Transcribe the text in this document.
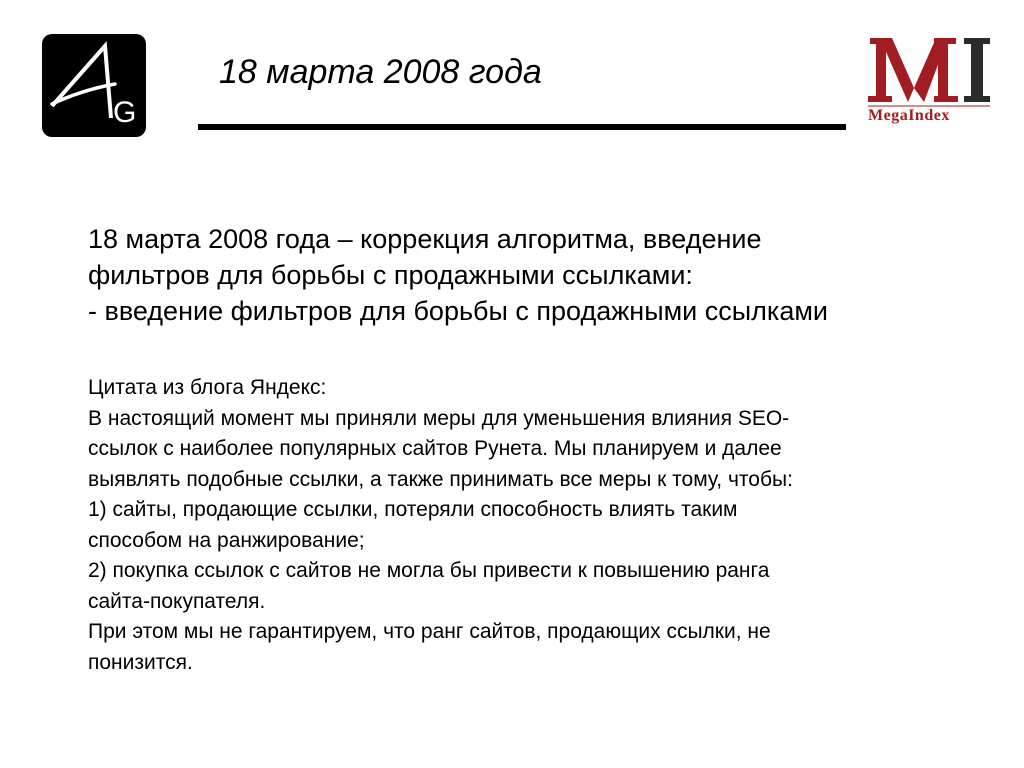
G
18 марта 2008 года
MegaIndex

18 марта 2008 года – коррекция алгоритма, введение

фильтров для борьбы с продажными ссылками:

- введение фильтров для борьбы с продажными ссылками

Цитата из блога Яндекс:

В настоящий момент мы приняли меры для уменьшения влияния SEO-

ссылок с наиболее популярных сайтов Рунета. Мы планируем и далее

выявлять подобные ссылки, а также принимать все меры к тому, чтобы:

1) сайты, продающие ссылки, потеряли способность влиять таким

способом на ранжирование;

2) покупка ссылок с сайтов не могла бы привести к повышению ранга

сайта-покупателя.

При этом мы не гарантируем, что ранг сайтов, продающих ссылки, не

понизится.
